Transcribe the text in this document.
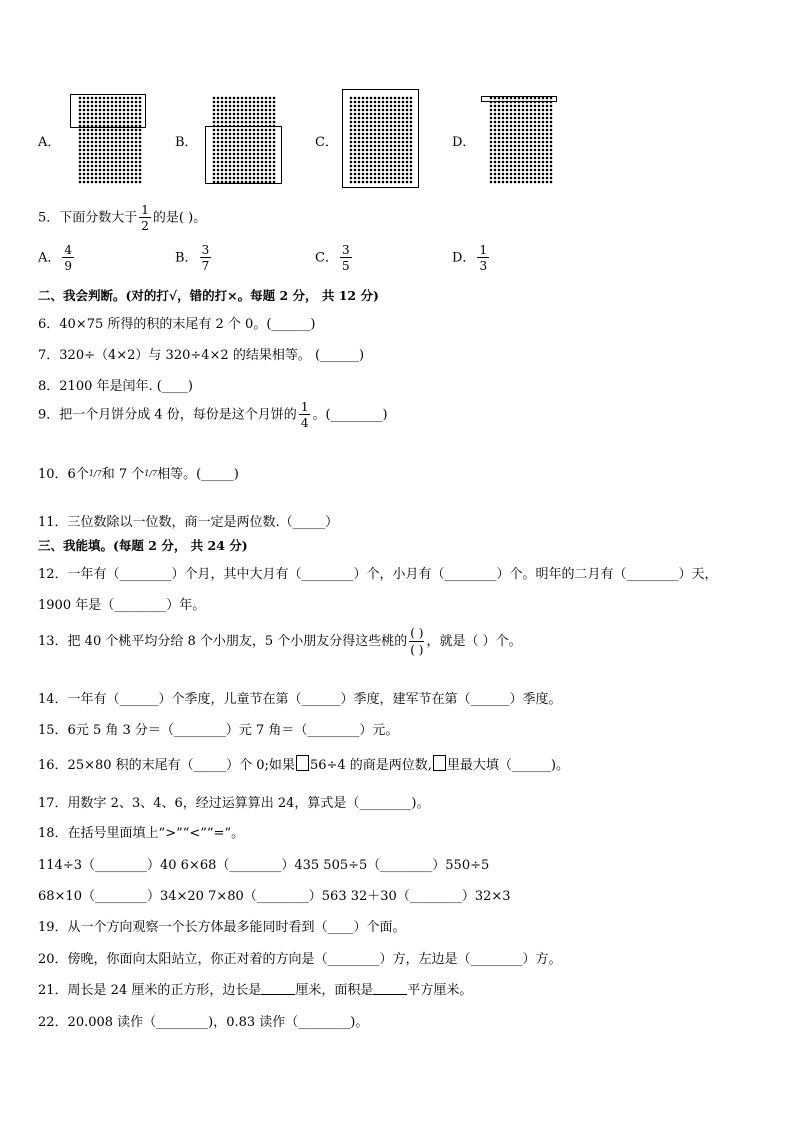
A．	B．	C．	D．
5．下面分数大于 $\frac{1}{2}$ 的是( )。
A． $\frac{4}{9}$	B． $\frac{3}{7}$	C． $\frac{3}{5}$	D． $\frac{1}{3}$
二、我会判断。(对的打√，错的打×。每题 2 分， 共 12 分)
6．40×75 所得的积的末尾有 2 个 0。(______)
7．320÷（4×2）与 320÷4×2 的结果相等。 (______)
8．2100 年是闰年. (____)
9．把一个月饼分成 4 份，每份是这个月饼的 $\frac{1}{4}$ 。(________)
10．6个1/7和 7 个1/7相等。(_____)
11．三位数除以一位数，商一定是两位数.（_____）
三、我能填。(每题 2 分， 共 24 分)
12．一年有（________）个月，其中大月有（________）个，小月有（________）个。明年的二月有（________）天，
1900 年是（________）年。
13．把 40 个桃平均分给 8 个小朋友，5 个小朋友分得这些桃的
( )
( )
，就是（ ）个。
14．一年有（______）个季度，儿童节在第（______）季度，建军节在第（______）季度。
15．6元 5 角 3 分＝（________）元 7 角＝（________）元。
16．25×80 积的末尾有（_____）个 0;如果 56÷4 的商是两位数, 里最大填（______)。
17．用数字 2、3、4、6，经过运算算出 24，算式是（________)。
18．在括号里面填上“>”“<”“=”。
114÷3（________）40 6×68（________）435 505÷5（________）550÷5
68×10（________）34×20 7×80（________）563 32＋30（________）32×3
19．从一个方向观察一个长方体最多能同时看到（____）个面。
20．傍晚，你面向太阳站立，你正对着的方向是（________）方，左边是（________）方。
21．周长是 24 厘米的正方形，边长是	厘米，面积是	平方厘米。
22．20.008 读作（________)，0.83 读作（________)。
